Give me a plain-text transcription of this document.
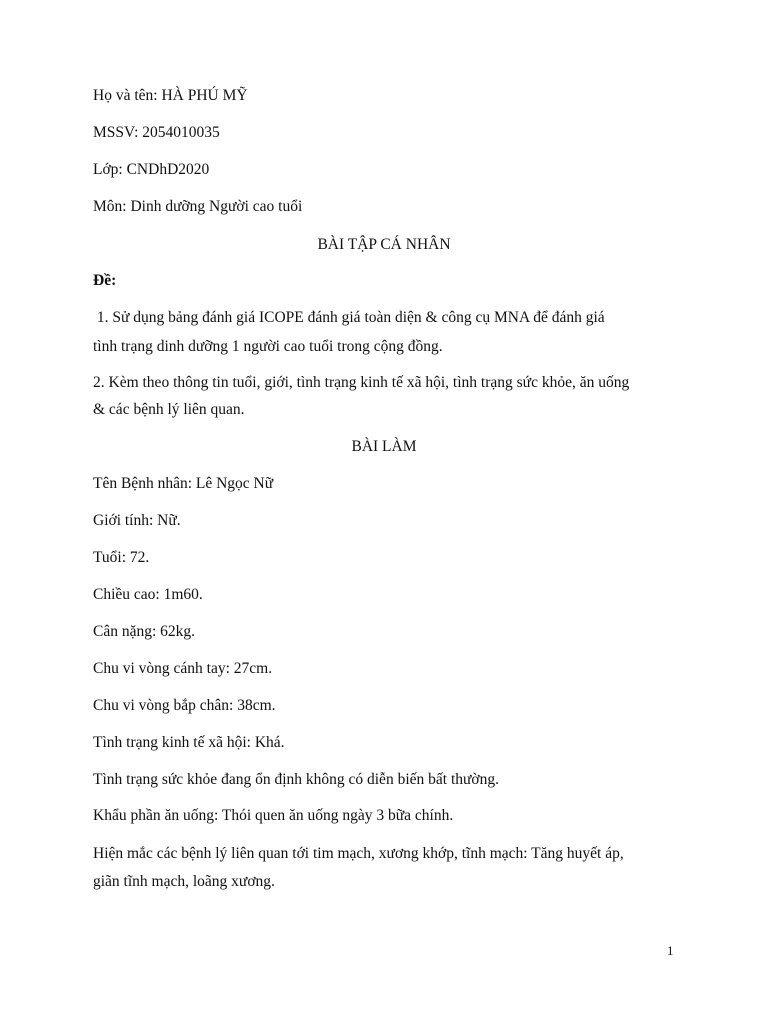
Họ và tên: HÀ PHÚ MỸ
MSSV: 2054010035
Lớp: CNDhD2020
Môn: Dinh dưỡng Người cao tuổi
BÀI TẬP CÁ NHÂN
Đề:
1. Sử dụng bảng đánh giá ICOPE đánh giá toàn diện & công cụ MNA để đánh giá
tình trạng dinh dưỡng 1 người cao tuổi trong cộng đồng.
2. Kèm theo thông tin tuổi, giới, tình trạng kinh tế xã hội, tình trạng sức khỏe, ăn uống
& các bệnh lý liên quan.
BÀI LÀM
Tên Bệnh nhân: Lê Ngọc Nữ
Giới tính: Nữ.
Tuổi: 72.
Chiều cao: 1m60.
Cân nặng: 62kg.
Chu vi vòng cánh tay: 27cm.
Chu vi vòng bắp chân: 38cm.
Tình trạng kinh tế xã hội: Khá.
Tình trạng sức khỏe đang ổn định không có diễn biến bất thường.
Khẩu phần ăn uống: Thói quen ăn uống ngày 3 bữa chính.
Hiện mắc các bệnh lý liên quan tới tim mạch, xương khớp, tĩnh mạch: Tăng huyết áp,
giãn tĩnh mạch, loãng xương.
1
